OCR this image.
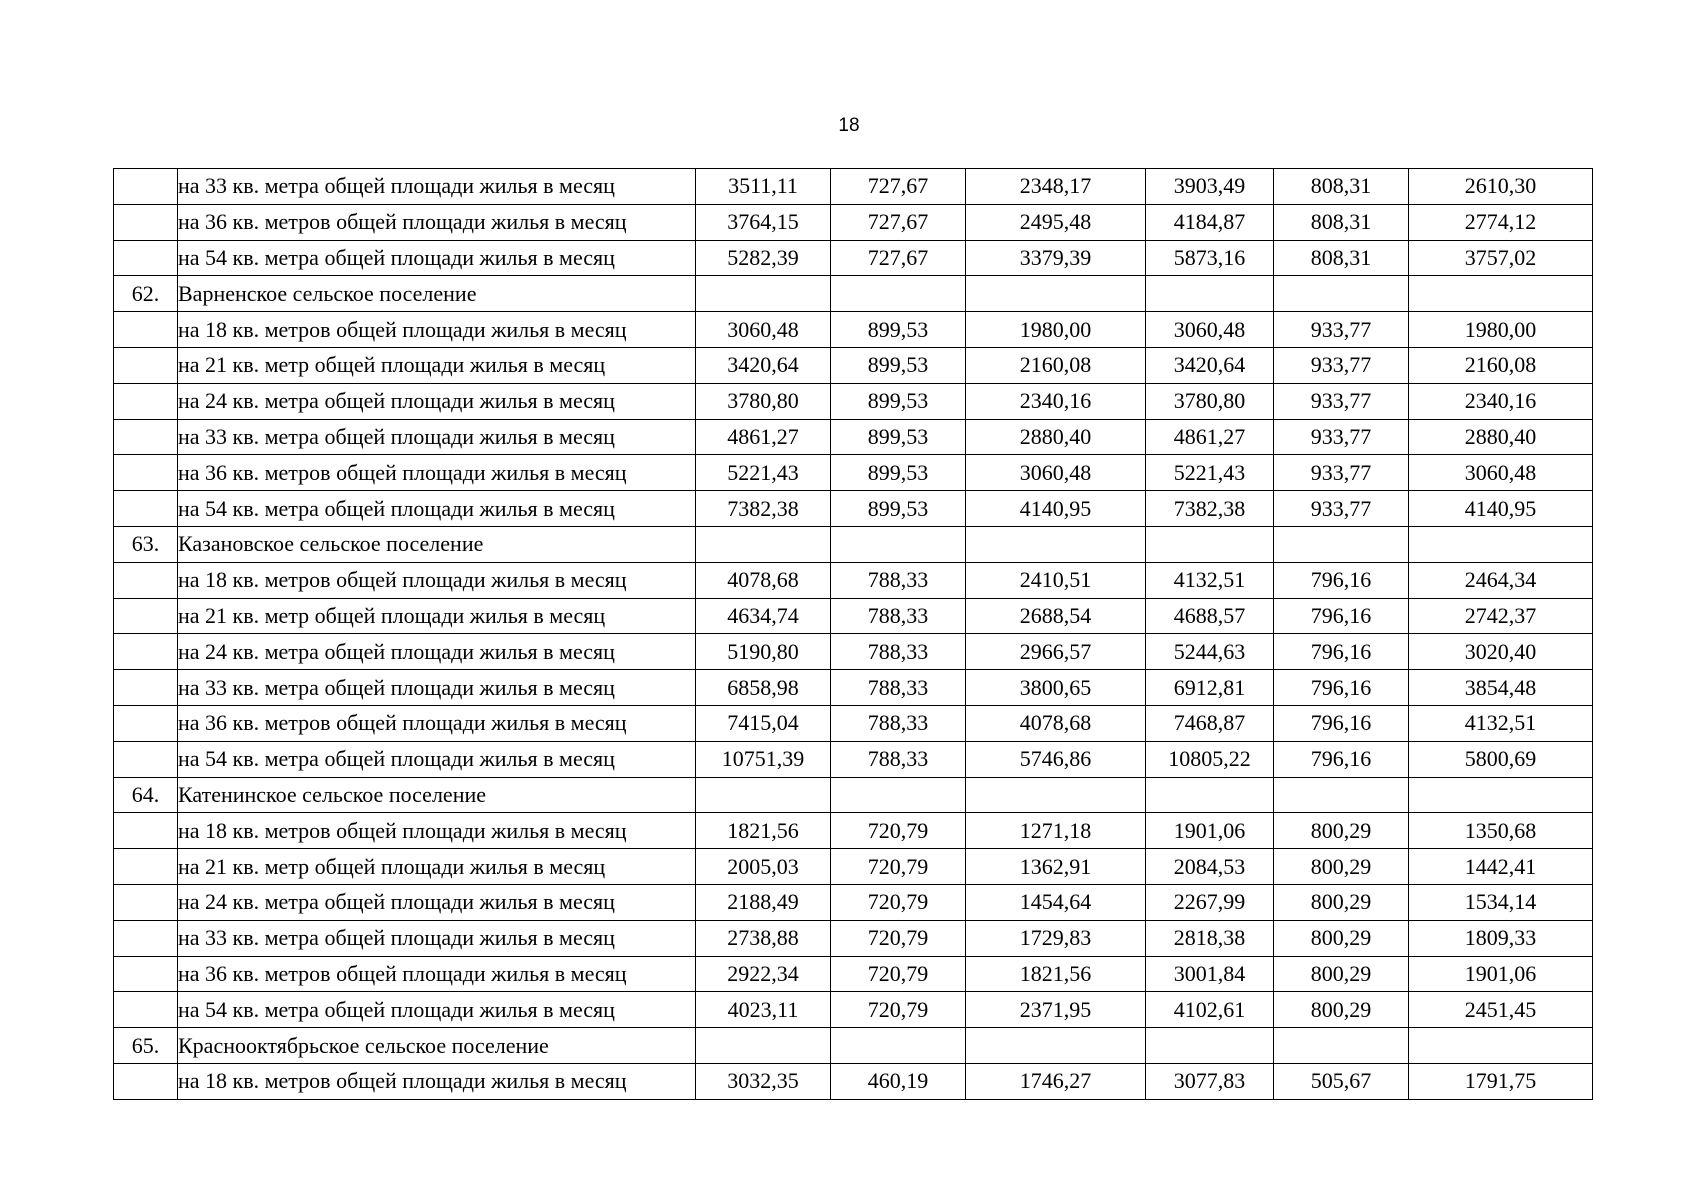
18
	на 33 кв. метра общей площади жилья в месяц	3511,11	727,67	2348,17	3903,49	808,31	2610,30
	на 36 кв. метров общей площади жилья в месяц	3764,15	727,67	2495,48	4184,87	808,31	2774,12
	на 54 кв. метра общей площади жилья в месяц	5282,39	727,67	3379,39	5873,16	808,31	3757,02
62.	Варненское сельское поселение						
	на 18 кв. метров общей площади жилья в месяц	3060,48	899,53	1980,00	3060,48	933,77	1980,00
	на 21 кв. метр общей площади жилья в месяц	3420,64	899,53	2160,08	3420,64	933,77	2160,08
	на 24 кв. метра общей площади жилья в месяц	3780,80	899,53	2340,16	3780,80	933,77	2340,16
	на 33 кв. метра общей площади жилья в месяц	4861,27	899,53	2880,40	4861,27	933,77	2880,40
	на 36 кв. метров общей площади жилья в месяц	5221,43	899,53	3060,48	5221,43	933,77	3060,48
	на 54 кв. метра общей площади жилья в месяц	7382,38	899,53	4140,95	7382,38	933,77	4140,95
63.	Казановское сельское поселение						
	на 18 кв. метров общей площади жилья в месяц	4078,68	788,33	2410,51	4132,51	796,16	2464,34
	на 21 кв. метр общей площади жилья в месяц	4634,74	788,33	2688,54	4688,57	796,16	2742,37
	на 24 кв. метра общей площади жилья в месяц	5190,80	788,33	2966,57	5244,63	796,16	3020,40
	на 33 кв. метра общей площади жилья в месяц	6858,98	788,33	3800,65	6912,81	796,16	3854,48
	на 36 кв. метров общей площади жилья в месяц	7415,04	788,33	4078,68	7468,87	796,16	4132,51
	на 54 кв. метра общей площади жилья в месяц	10751,39	788,33	5746,86	10805,22	796,16	5800,69
64.	Катенинское сельское поселение						
	на 18 кв. метров общей площади жилья в месяц	1821,56	720,79	1271,18	1901,06	800,29	1350,68
	на 21 кв. метр общей площади жилья в месяц	2005,03	720,79	1362,91	2084,53	800,29	1442,41
	на 24 кв. метра общей площади жилья в месяц	2188,49	720,79	1454,64	2267,99	800,29	1534,14
	на 33 кв. метра общей площади жилья в месяц	2738,88	720,79	1729,83	2818,38	800,29	1809,33
	на 36 кв. метров общей площади жилья в месяц	2922,34	720,79	1821,56	3001,84	800,29	1901,06
	на 54 кв. метра общей площади жилья в месяц	4023,11	720,79	2371,95	4102,61	800,29	2451,45
65.	Краснооктябрьское сельское поселение						
	на 18 кв. метров общей площади жилья в месяц	3032,35	460,19	1746,27	3077,83	505,67	1791,75
